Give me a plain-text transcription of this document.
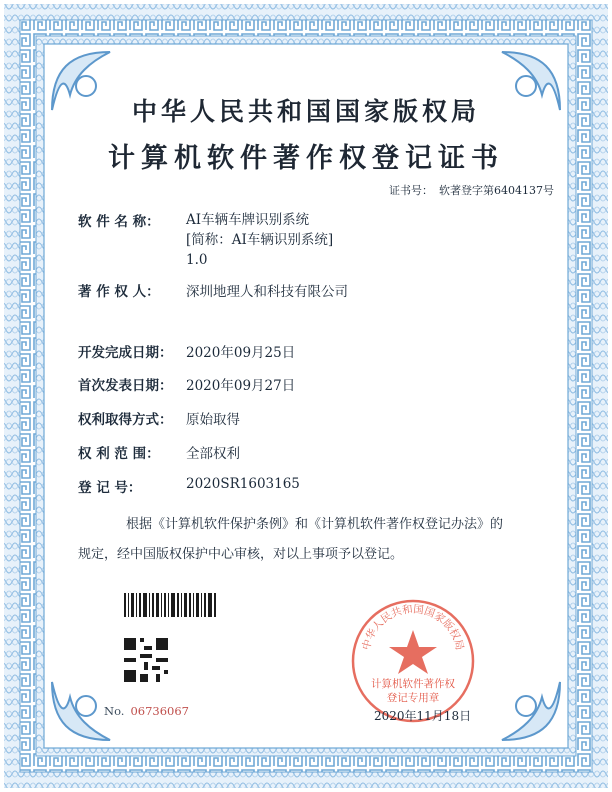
中华人民共和国国家版权局
计算机软件著作权登记证书
证书号： 软著登字第6404137号
软 件 名 称： AI车辆车牌识别系统
[简称：AI车辆识别系统]
1.0
著 作 权 人： 深圳地理人和科技有限公司
开发完成日期： 2020年09月25日
首次发表日期： 2020年09月27日
权利取得方式： 原始取得
权 利 范 围： 全部权利
登 记 号：	2020SR1603165
根据《计算机软件保护条例》和《计算机软件著作权登记办法》的
规定，经中国版权保护中心审核，对以上事项予以登记。
No. 06736067
中华人民共和国国家版权局
计算机软件著作权
登记专用章
2020年11月18日
